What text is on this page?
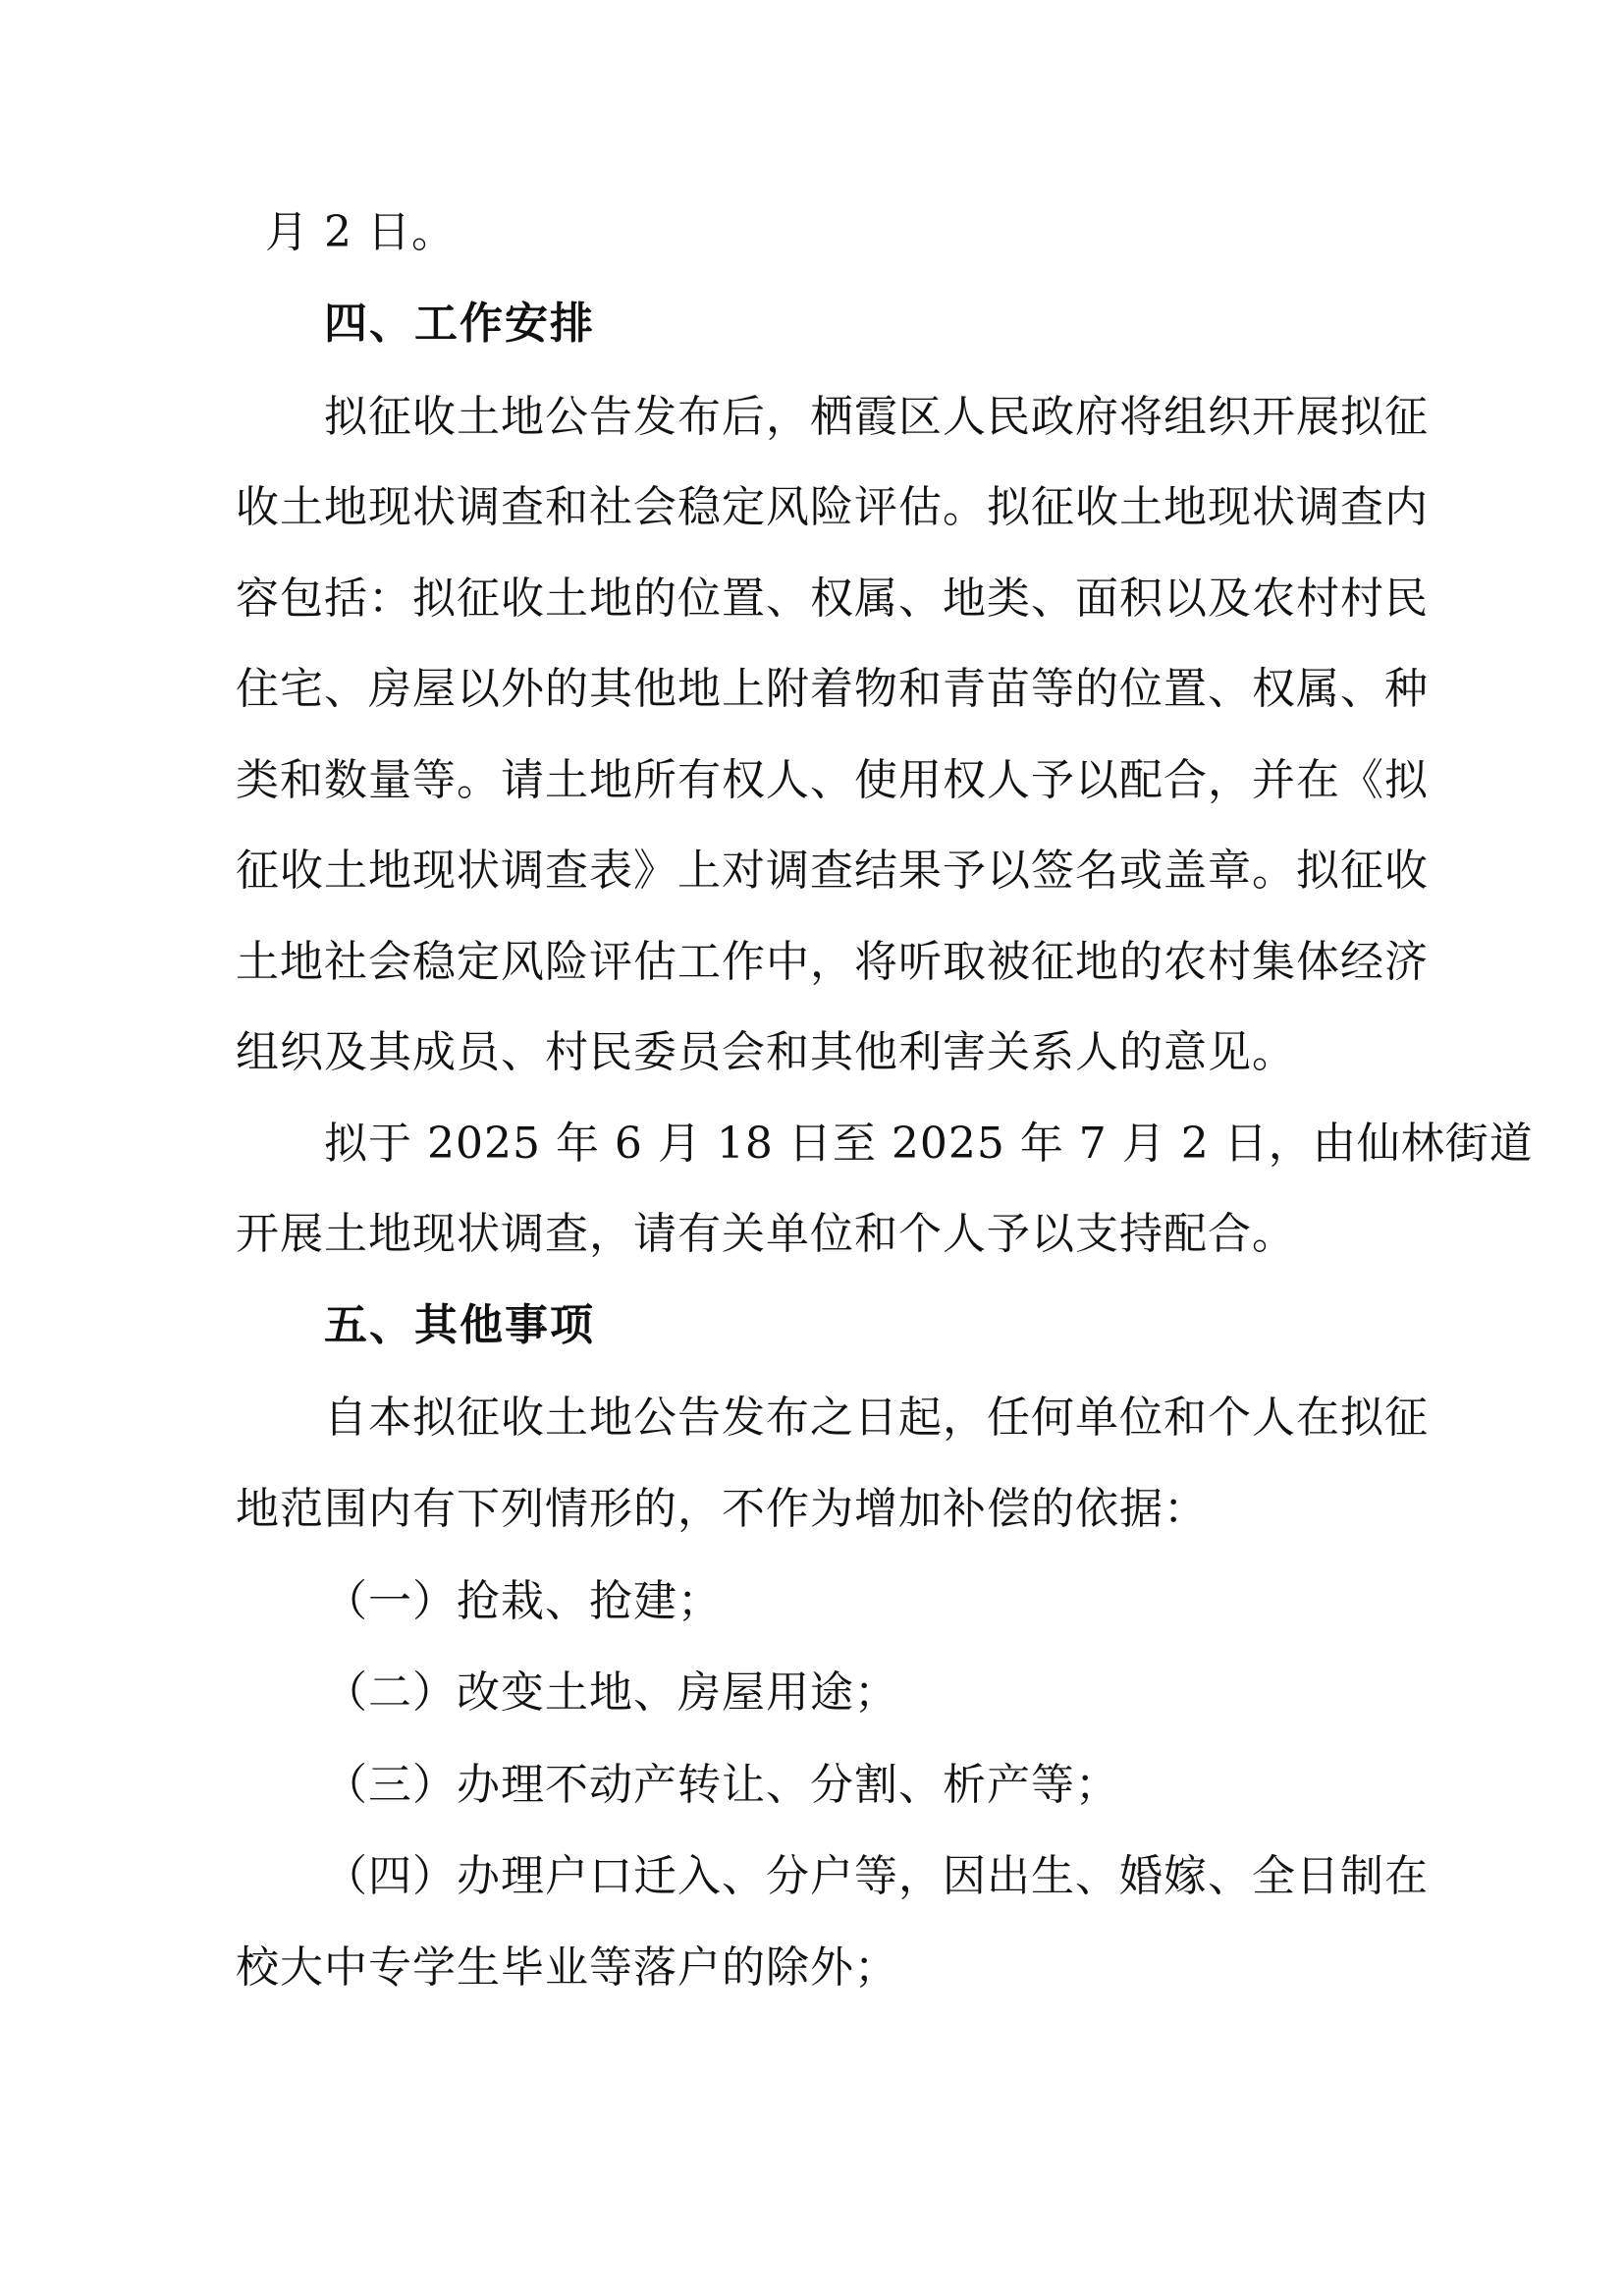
月 2 日。
四、工作安排
拟征收土地公告发布后，栖霞区人民政府将组织开展拟征
收土地现状调查和社会稳定风险评估。拟征收土地现状调查内
容包括：拟征收土地的位置、权属、地类、面积以及农村村民
住宅、房屋以外的其他地上附着物和青苗等的位置、权属、种
类和数量等。请土地所有权人、使用权人予以配合，并在《拟
征收土地现状调查表》上对调查结果予以签名或盖章。拟征收
土地社会稳定风险评估工作中，将听取被征地的农村集体经济
组织及其成员、村民委员会和其他利害关系人的意见。
拟于 2025 年 6 月 18 日至 2025 年 7 月 2 日，由仙林街道
开展土地现状调查，请有关单位和个人予以支持配合。
五、其他事项
自本拟征收土地公告发布之日起，任何单位和个人在拟征
地范围内有下列情形的，不作为增加补偿的依据：
（一）抢栽、抢建；
（二）改变土地、房屋用途；
（三）办理不动产转让、分割、析产等；
（四）办理户口迁入、分户等，因出生、婚嫁、全日制在
校大中专学生毕业等落户的除外；
